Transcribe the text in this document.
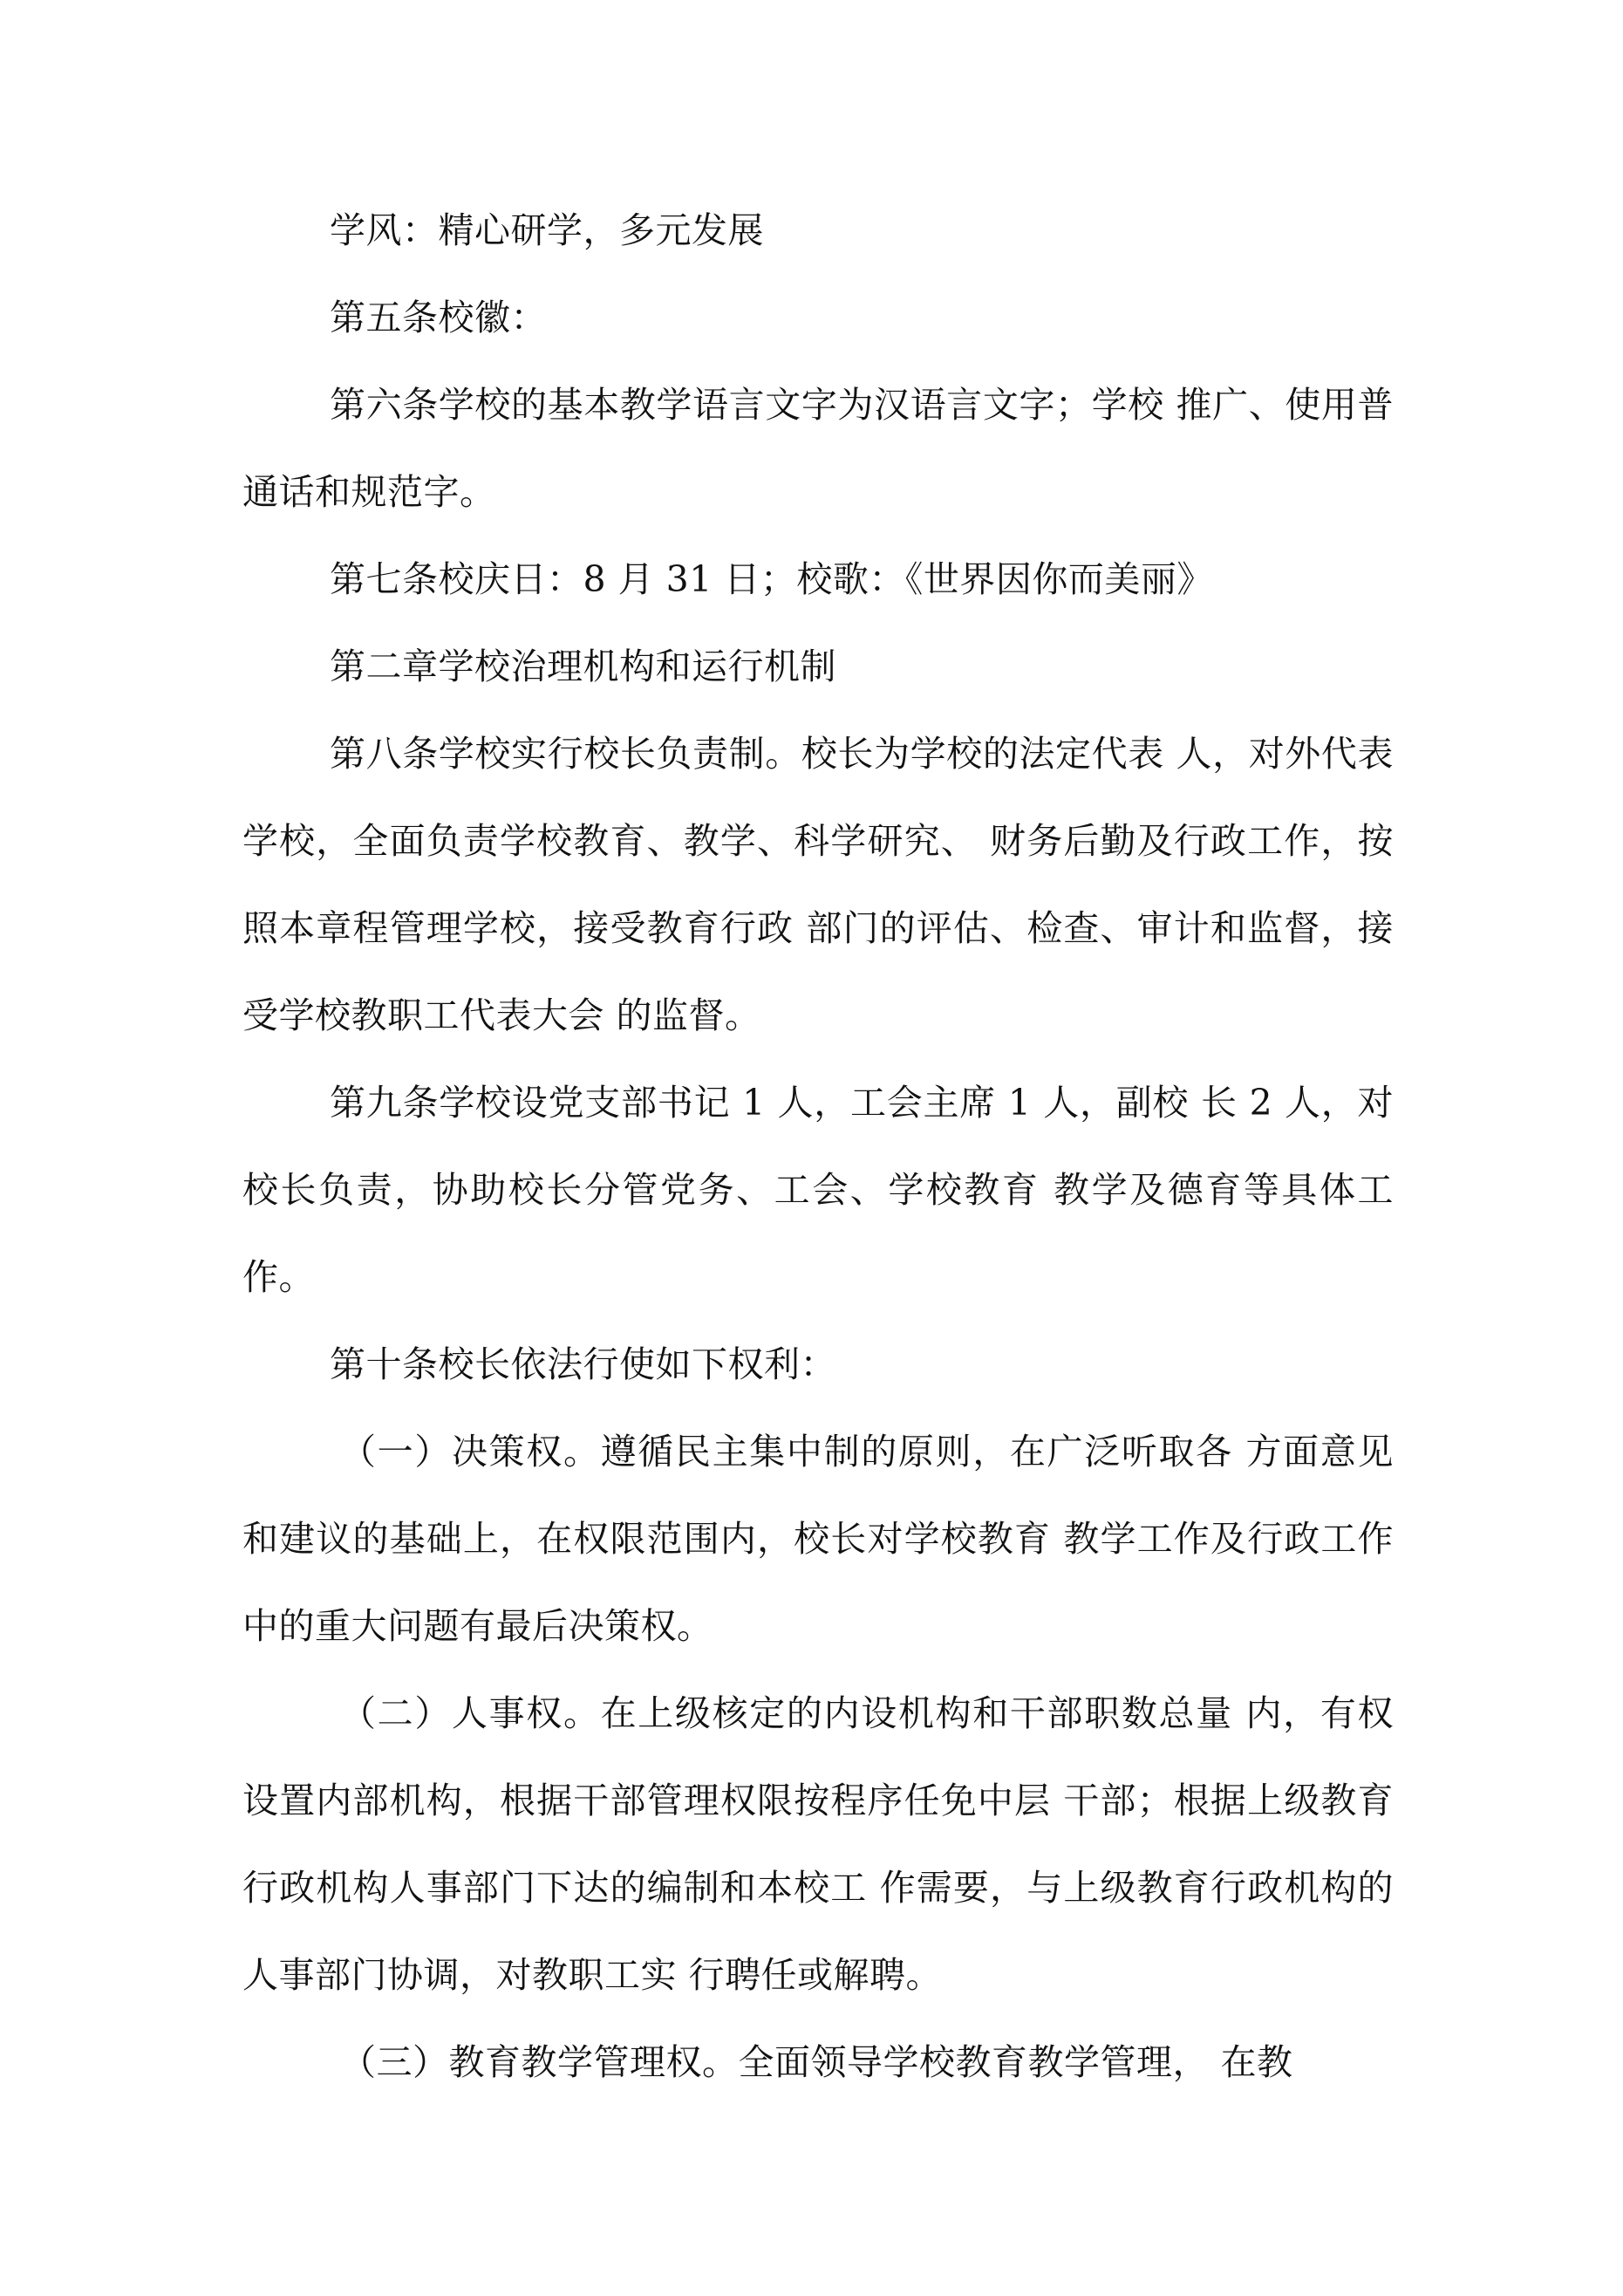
学风：精心研学，多元发展

第五条校徽：

第六条学校的基本教学语言文字为汉语言文字；学校 推广、使用普通话和规范字。

第七条校庆日：8 月 31 日；校歌：《世界因你而美丽》

第二章学校治理机构和运行机制

第八条学校实行校长负责制。校长为学校的法定代表 人，对外代表学校，全面负责学校教育、教学、科学研究、 财务后勤及行政工作，按照本章程管理学校，接受教育行政 部门的评估、检查、审计和监督，接受学校教职工代表大会 的监督。

第九条学校设党支部书记 1 人，工会主席 1 人，副校 长 2 人，对校长负责，协助校长分管党务、工会、学校教育 教学及德育等具体工作。

第十条校长依法行使如下权利：

（一）决策权。遵循民主集中制的原则，在广泛听取各 方面意见和建议的基础上，在权限范围内，校长对学校教育 教学工作及行政工作中的重大问题有最后决策权。

（二）人事权。在上级核定的内设机构和干部职数总量 内，有权设置内部机构，根据干部管理权限按程序任免中层 干部；根据上级教育行政机构人事部门下达的编制和本校工 作需要，与上级教育行政机构的人事部门协调，对教职工实 行聘任或解聘。

（三）教育教学管理权。全面领导学校教育教学管理， 在教
